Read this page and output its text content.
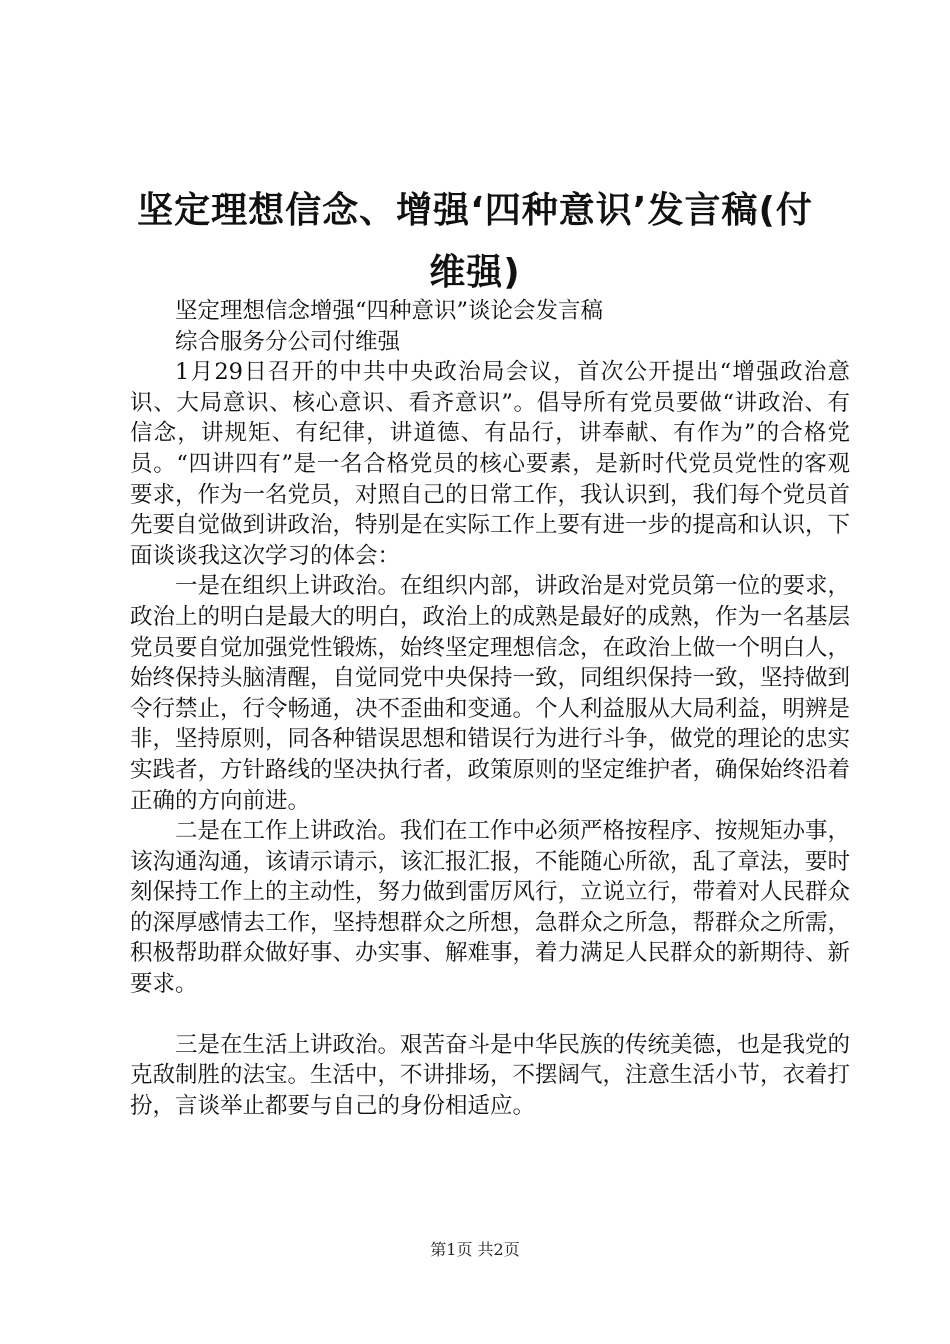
坚定理想信念、增强‘四种意识’发言稿(付
维强)

坚定理想信念增强“四种意识”谈论会发言稿

综合服务分公司付维强

1月29日召开的中共中央政治局会议，首次公开提出“增强政治意识、大局意识、核心意识、看齐意识”。倡导所有党员要做“讲政治、有信念，讲规矩、有纪律，讲道德、有品行，讲奉献、有作为”的合格党员。“四讲四有”是一名合格党员的核心要素，是新时代党员党性的客观要求，作为一名党员，对照自己的日常工作，我认识到，我们每个党员首先要自觉做到讲政治，特别是在实际工作上要有进一步的提高和认识，下面谈谈我这次学习的体会：

一是在组织上讲政治。在组织内部，讲政治是对党员第一位的要求，政治上的明白是最大的明白，政治上的成熟是最好的成熟，作为一名基层党员要自觉加强党性锻炼，始终坚定理想信念，在政治上做一个明白人，始终保持头脑清醒，自觉同党中央保持一致，同组织保持一致，坚持做到令行禁止，行令畅通，决不歪曲和变通。个人利益服从大局利益，明辨是非，坚持原则，同各种错误思想和错误行为进行斗争，做党的理论的忠实实践者，方针路线的坚决执行者，政策原则的坚定维护者，确保始终沿着正确的方向前进。

二是在工作上讲政治。我们在工作中必须严格按程序、按规矩办事，该沟通沟通，该请示请示，该汇报汇报，不能随心所欲，乱了章法，要时刻保持工作上的主动性，努力做到雷厉风行，立说立行，带着对人民群众的深厚感情去工作，坚持想群众之所想，急群众之所急，帮群众之所需，积极帮助群众做好事、办实事、解难事，着力满足人民群众的新期待、新要求。

三是在生活上讲政治。艰苦奋斗是中华民族的传统美德，也是我党的克敌制胜的法宝。生活中，不讲排场，不摆阔气，注意生活小节，衣着打扮，言谈举止都要与自己的身份相适应。

第1页 共2页
